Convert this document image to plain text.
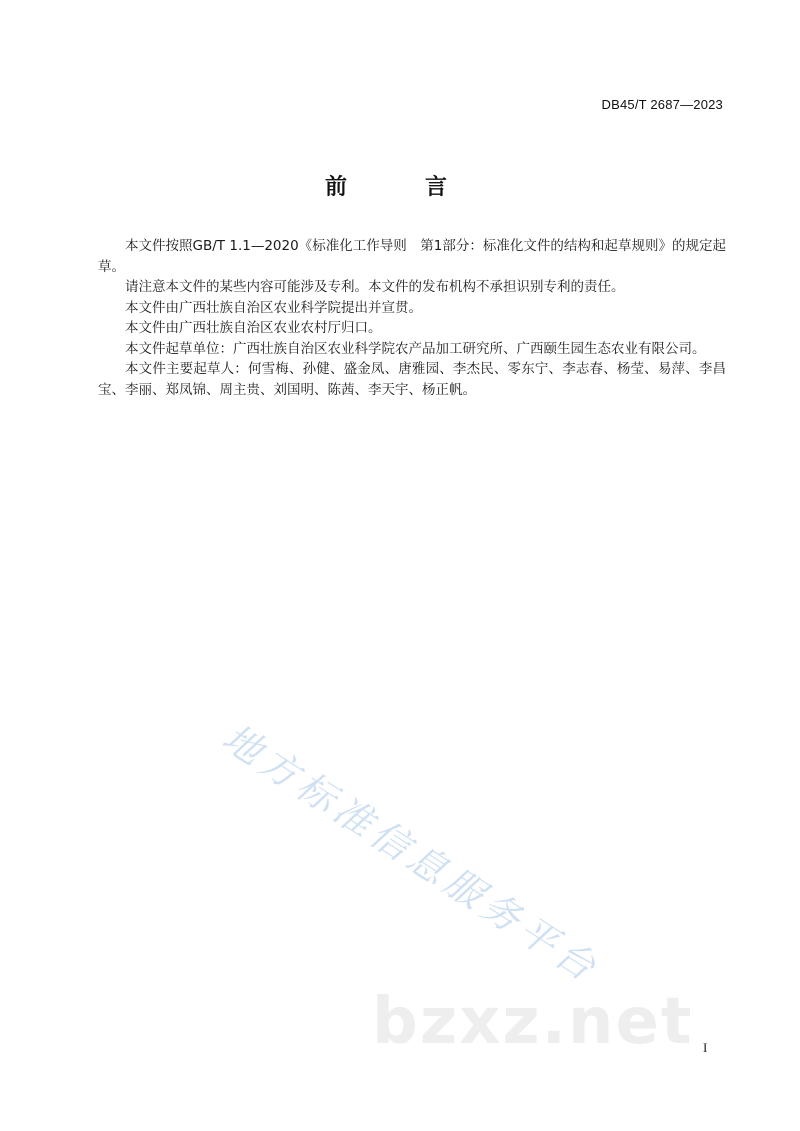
DB45/T 2687—2023
前　言

本文件按照GB/T 1.1—2020《标准化工作导则　第1部分：标准化文件的结构和起草规则》的规定起草。

请注意本文件的某些内容可能涉及专利。本文件的发布机构不承担识别专利的责任。

本文件由广西壮族自治区农业科学院提出并宣贯。

本文件由广西壮族自治区农业农村厅归口。

本文件起草单位：广西壮族自治区农业科学院农产品加工研究所、广西颐生园生态农业有限公司。

本文件主要起草人：何雪梅、孙健、盛金凤、唐雅园、李杰民、零东宁、李志春、杨莹、易萍、李昌宝、李丽、郑凤锦、周主贵、刘国明、陈茜、李天宇、杨正帆。

地方标准信息服务平台
bzxz.net I
